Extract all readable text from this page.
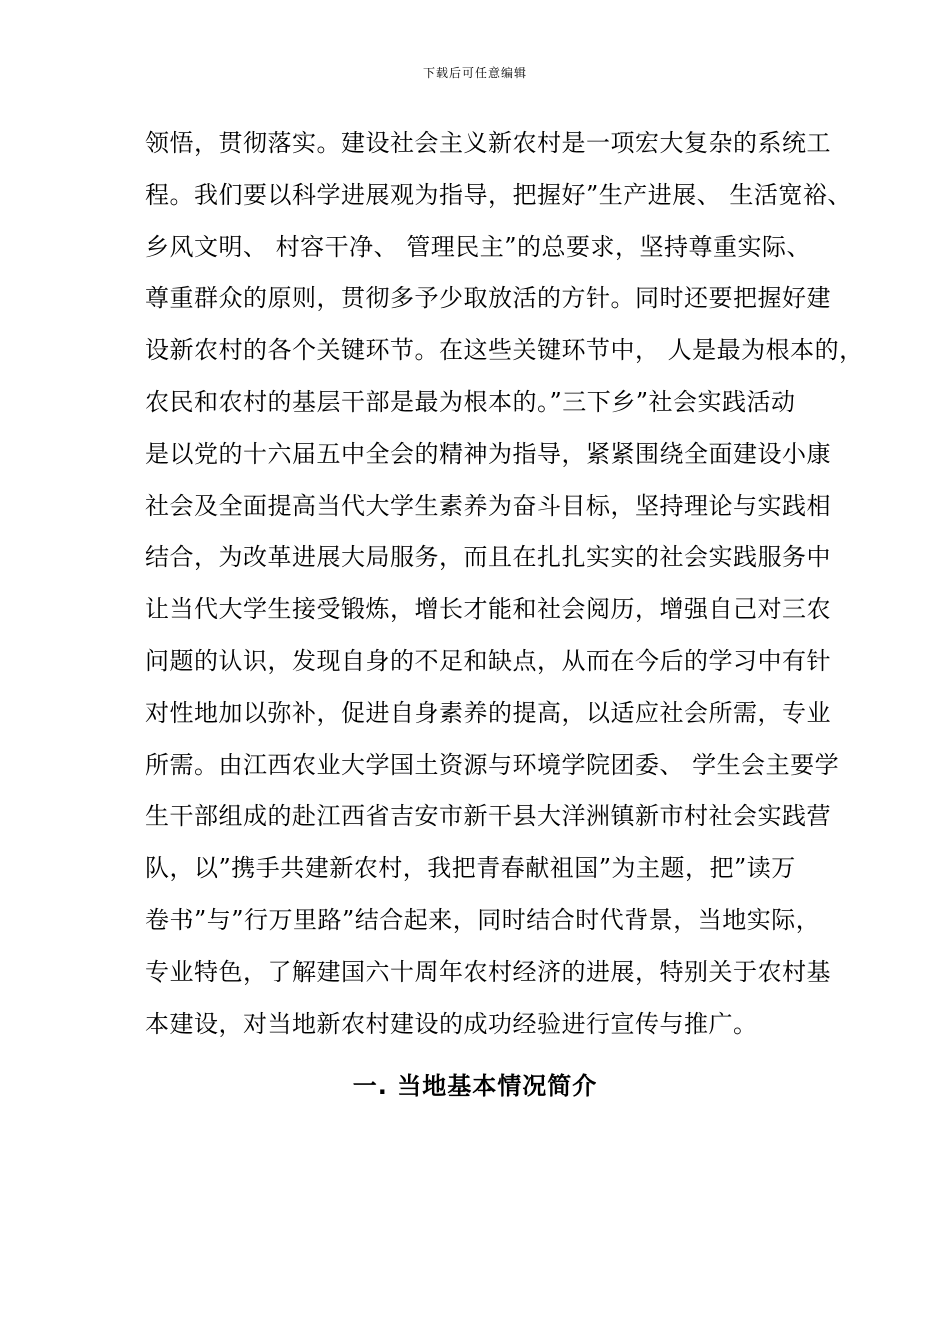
下载后可任意编辑
领悟，贯彻落实。建设社会主义新农村是一项宏大复杂的系统工
程。我们要以科学进展观为指导，把握好”生产进展、 生活宽裕、
乡风文明、 村容干净、 管理民主”的总要求，坚持尊重实际、
尊重群众的原则，贯彻多予少取放活的方针。同时还要把握好建
设新农村的各个关键环节。在这些关键环节中， 人是最为根本的，
农民和农村的基层干部是最为根本的。”三下乡”社会实践活动
是以党的十六届五中全会的精神为指导，紧紧围绕全面建设小康
社会及全面提高当代大学生素养为奋斗目标，坚持理论与实践相
结合，为改革进展大局服务，而且在扎扎实实的社会实践服务中
让当代大学生接受锻炼，增长才能和社会阅历，增强自己对三农
问题的认识，发现自身的不足和缺点，从而在今后的学习中有针
对性地加以弥补，促进自身素养的提高，以适应社会所需，专业
所需。由江西农业大学国土资源与环境学院团委、 学生会主要学
生干部组成的赴江西省吉安市新干县大洋洲镇新市村社会实践营
队，以”携手共建新农村，我把青春献祖国”为主题，把”读万
卷书”与”行万里路”结合起来，同时结合时代背景，当地实际，
专业特色，了解建国六十周年农村经济的进展，特别关于农村基
本建设，对当地新农村建设的成功经验进行宣传与推广。
一. 当地基本情况简介
